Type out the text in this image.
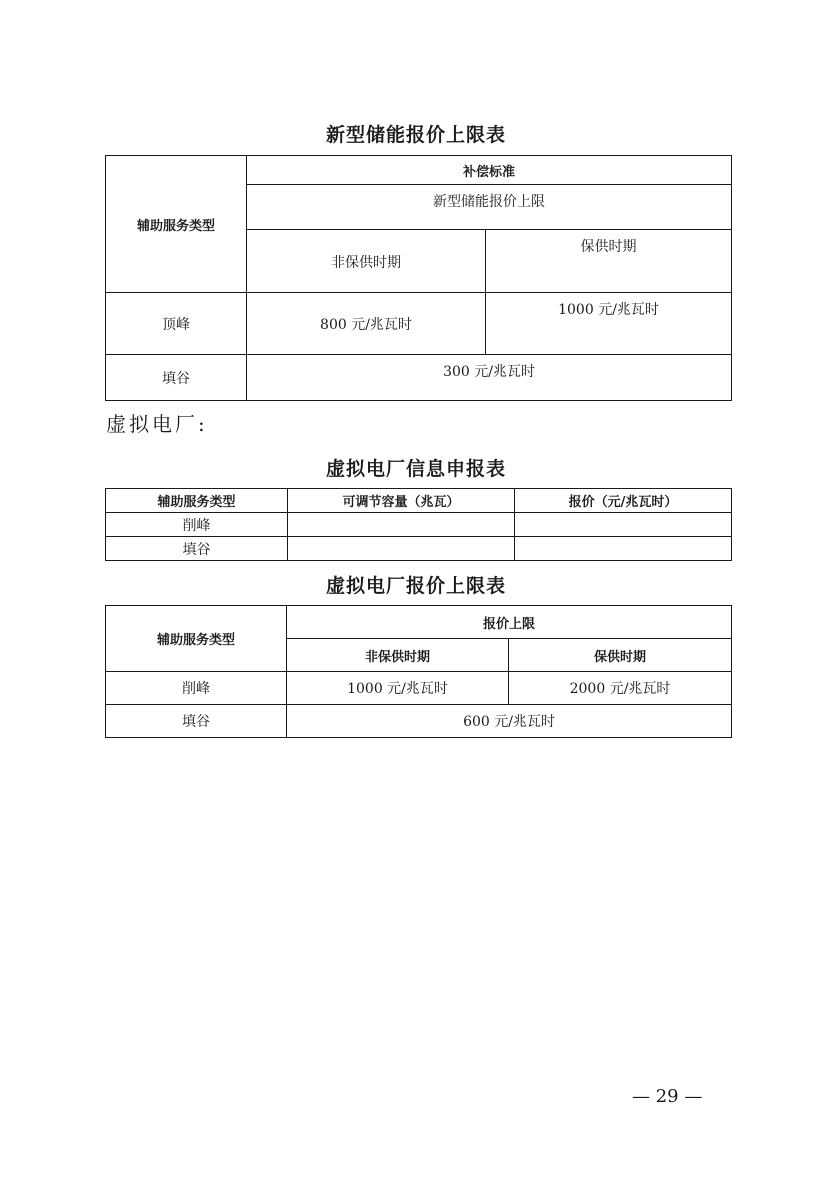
新型储能报价上限表
辅助服务类型	补偿标准	
	新型储能报价上限	
	非保供时期	保供时期
顶峰	800 元/兆瓦时	1000 元/兆瓦时
填谷	300 元/兆瓦时	
虚拟电厂:
虚拟电厂信息申报表
辅助服务类型	可调节容量（兆瓦）	报价（元/兆瓦时）
削峰		
填谷		
虚拟电厂报价上限表
辅助服务类型	报价上限	
	非保供时期	保供时期
削峰	1000 元/兆瓦时	2000 元/兆瓦时
填谷	600 元/兆瓦时	
— 29 —
